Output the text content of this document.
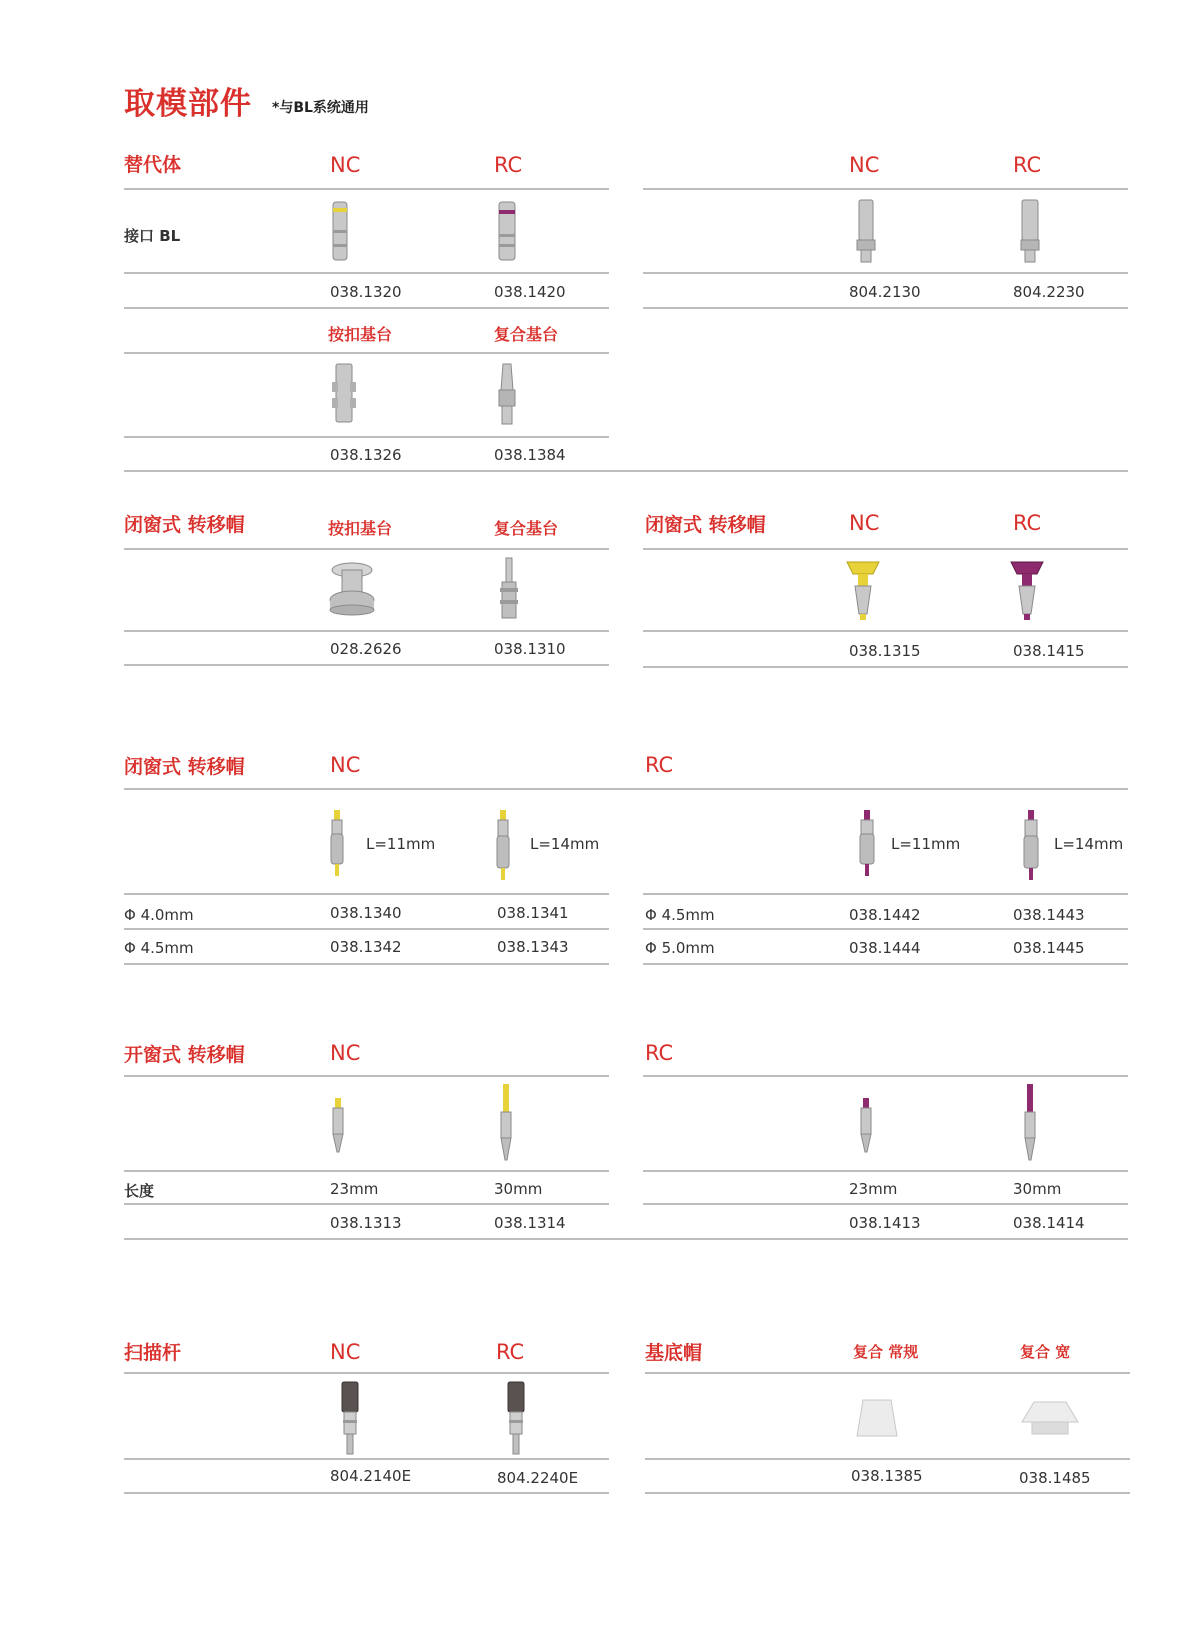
取模部件 *与BL系统通用
替代体	NC	RC	NC	RC
接口 BL
038.1320	038.1420	804.2130	804.2230
按扣基台	复合基台
038.1326	038.1384
闭窗式 转移帽	按扣基台	复合基台	闭窗式 转移帽	NC	RC
028.2626	038.1310	038.1315	038.1415
闭窗式 转移帽	NC	RC
L=11mm	L=14mm	L=11mm	L=14mm
Φ 4.0mm	038.1340	038.1341	Φ 4.5mm	038.1442	038.1443
Φ 4.5mm	038.1342	038.1343	Φ 5.0mm	038.1444	038.1445
开窗式 转移帽	NC	RC
长度	23mm	30mm	23mm	30mm
038.1313	038.1314	038.1413	038.1414
扫描杆	NC	RC	基底帽	复合 常规	复合 宽
804.2140E	804.2240E	038.1385	038.1485
